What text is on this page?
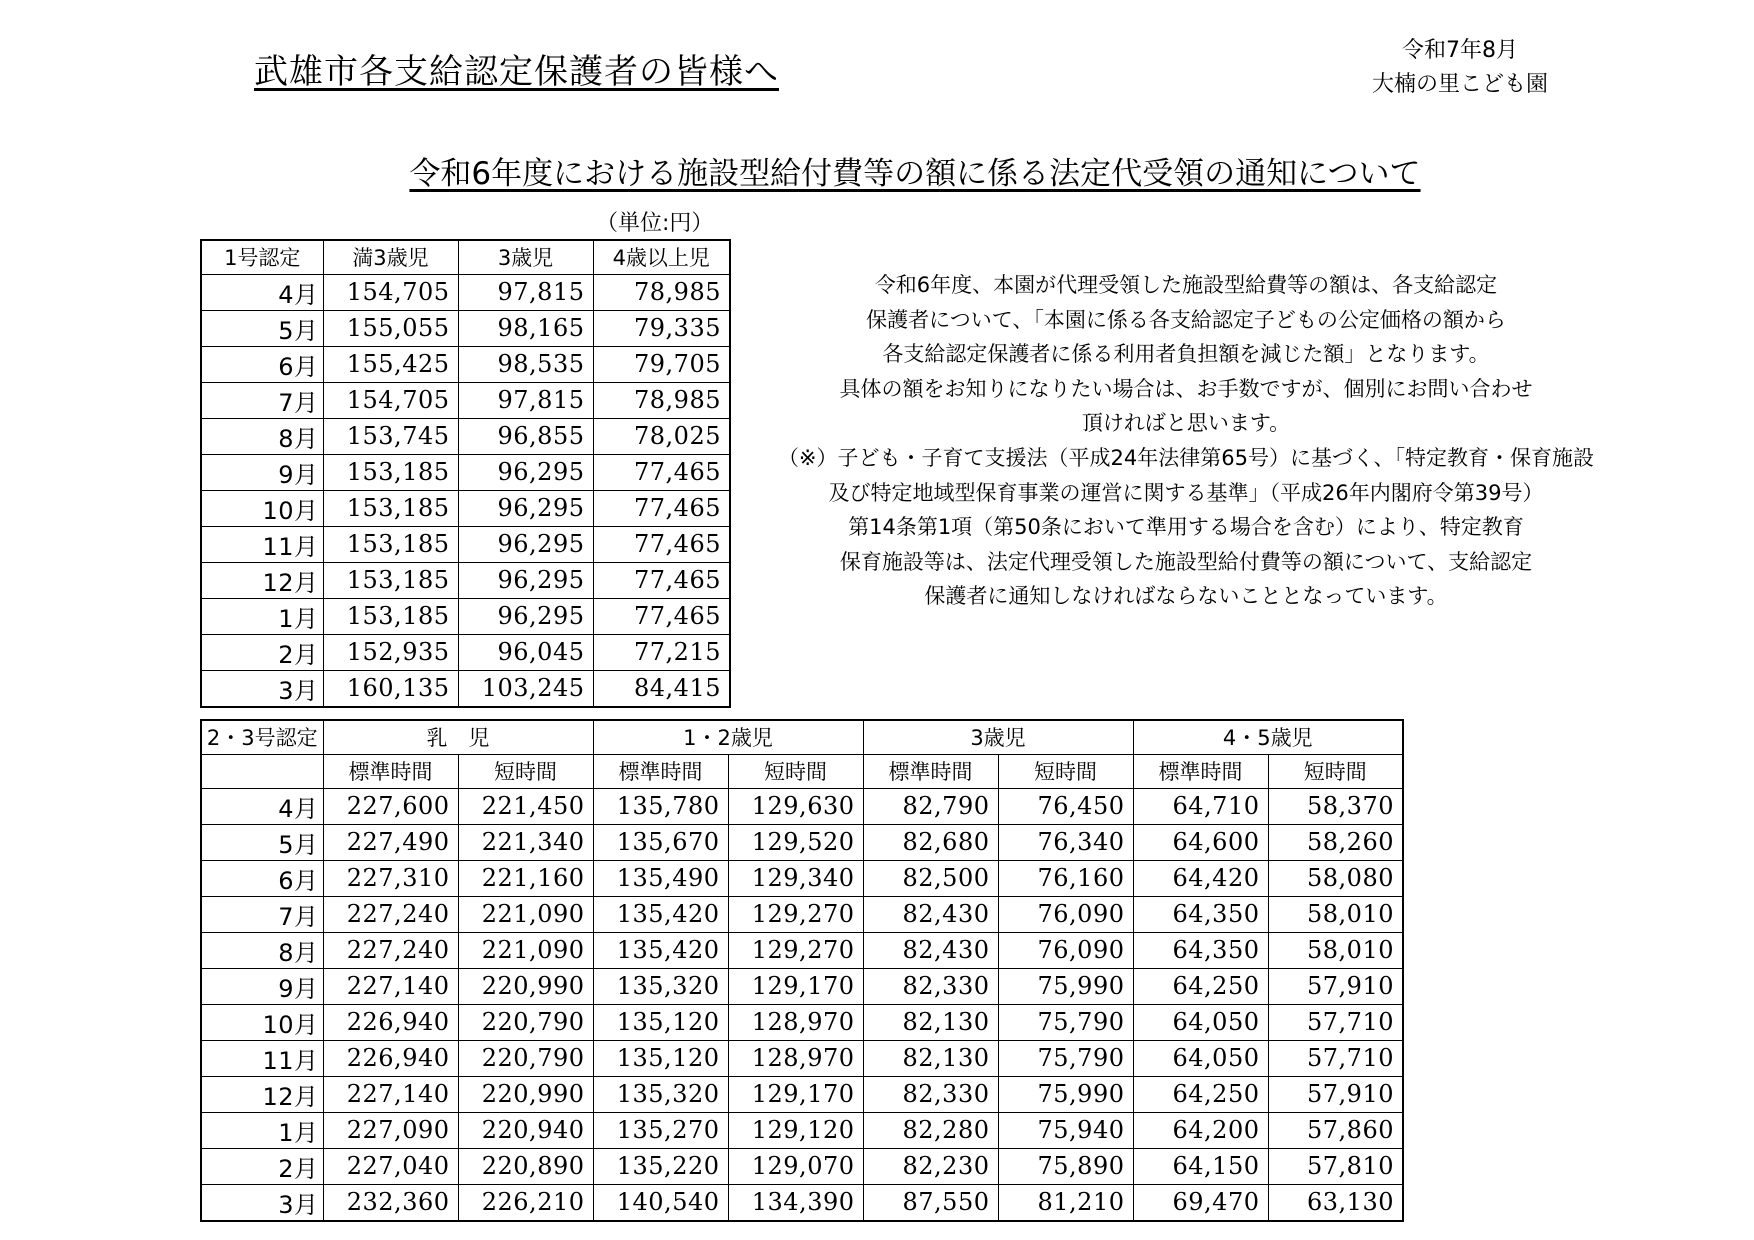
武雄市各支給認定保護者の皆様へ
令和7年8月
大楠の里こども園
令和6年度における施設型給付費等の額に係る法定代受領の通知について
（単位:円）
1号認定	満3歳児	3歳児	4歳以上児
4月	154,705	97,815	78,985
5月	155,055	98,165	79,335
6月	155,425	98,535	79,705
7月	154,705	97,815	78,985
8月	153,745	96,855	78,025
9月	153,185	96,295	77,465
10月	153,185	96,295	77,465
11月	153,185	96,295	77,465
12月	153,185	96,295	77,465
1月	153,185	96,295	77,465
2月	152,935	96,045	77,215
3月	160,135	103,245	84,415
令和6年度、本園が代理受領した施設型給費等の額は、各支給認定
保護者について、「本園に係る各支給認定子どもの公定価格の額から
各支給認定保護者に係る利用者負担額を減じた額」となります。
具体の額をお知りになりたい場合は、お手数ですが、個別にお問い合わせ
頂ければと思います。
（※）子ども・子育て支援法（平成24年法律第65号）に基づく、「特定教育・保育施設
及び特定地域型保育事業の運営に関する基準」（平成26年内閣府令第39号）
第14条第1項（第50条において準用する場合を含む）により、特定教育
保育施設等は、法定代理受領した施設型給付費等の額について、支給認定
保護者に通知しなければならないこととなっています。
2・3号認定	乳　児		1・2歳児		3歳児		4・5歳児	
	標準時間	短時間	標準時間	短時間	標準時間	短時間	標準時間	短時間
4月	227,600	221,450	135,780	129,630	82,790	76,450	64,710	58,370
5月	227,490	221,340	135,670	129,520	82,680	76,340	64,600	58,260
6月	227,310	221,160	135,490	129,340	82,500	76,160	64,420	58,080
7月	227,240	221,090	135,420	129,270	82,430	76,090	64,350	58,010
8月	227,240	221,090	135,420	129,270	82,430	76,090	64,350	58,010
9月	227,140	220,990	135,320	129,170	82,330	75,990	64,250	57,910
10月	226,940	220,790	135,120	128,970	82,130	75,790	64,050	57,710
11月	226,940	220,790	135,120	128,970	82,130	75,790	64,050	57,710
12月	227,140	220,990	135,320	129,170	82,330	75,990	64,250	57,910
1月	227,090	220,940	135,270	129,120	82,280	75,940	64,200	57,860
2月	227,040	220,890	135,220	129,070	82,230	75,890	64,150	57,810
3月	232,360	226,210	140,540	134,390	87,550	81,210	69,470	63,130
